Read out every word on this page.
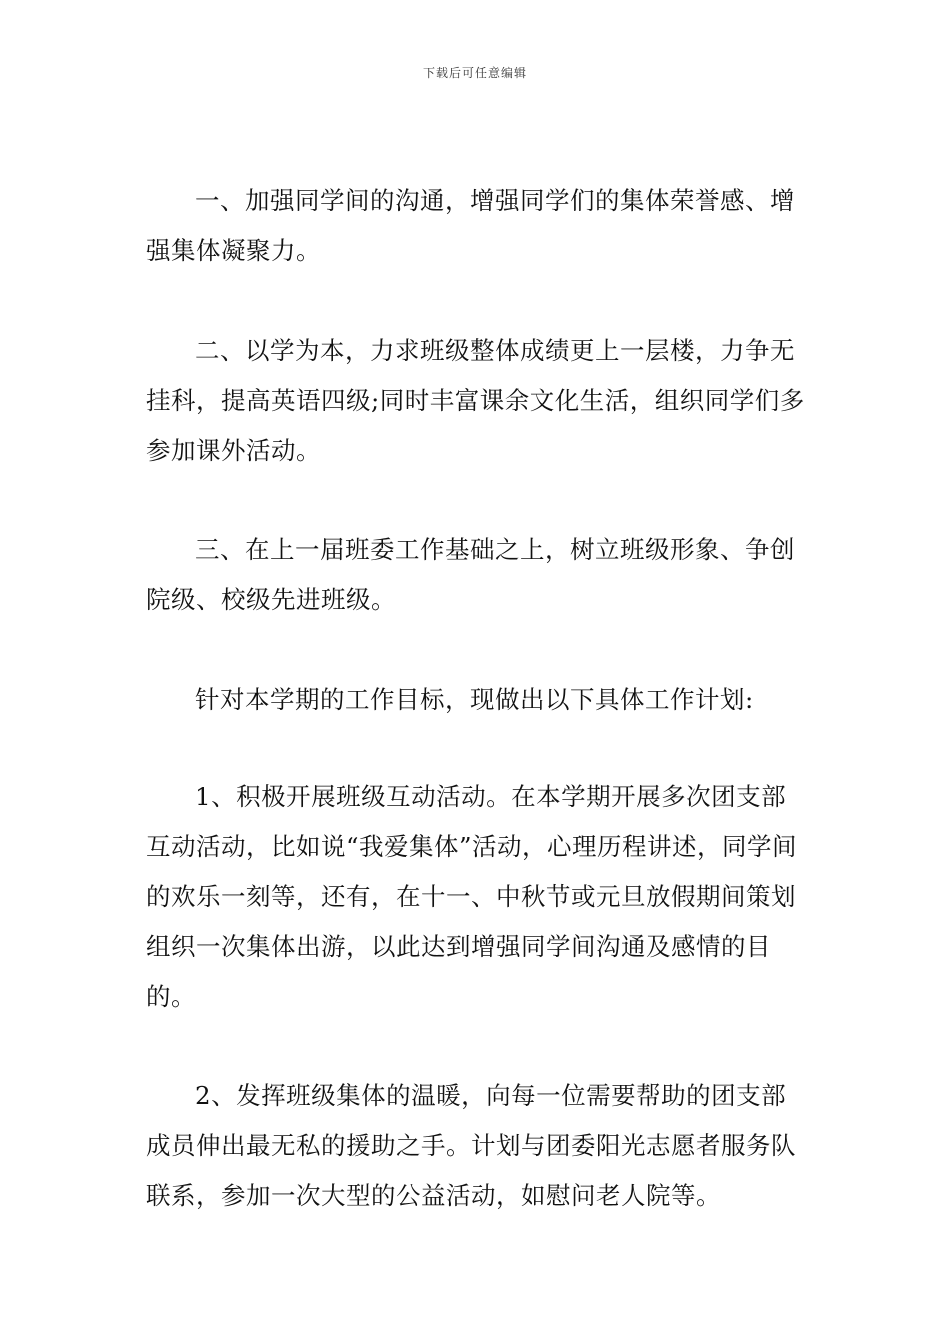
下载后可任意编辑

一、加强同学间的沟通，增强同学们的集体荣誉感、增强集体凝聚力。

二、以学为本，力求班级整体成绩更上一层楼，力争无挂科，提高英语四级;同时丰富课余文化生活，组织同学们多参加课外活动。

三、在上一届班委工作基础之上，树立班级形象、争创院级、校级先进班级。

针对本学期的工作目标，现做出以下具体工作计划:

1、积极开展班级互动活动。在本学期开展多次团支部互动活动，比如说“我爱集体”活动，心理历程讲述，同学间的欢乐一刻等，还有，在十一、中秋节或元旦放假期间策划组织一次集体出游，以此达到增强同学间沟通及感情的目的。

2、发挥班级集体的温暖，向每一位需要帮助的团支部成员伸出最无私的援助之手。计划与团委阳光志愿者服务队联系，参加一次大型的公益活动，如慰问老人院等。
